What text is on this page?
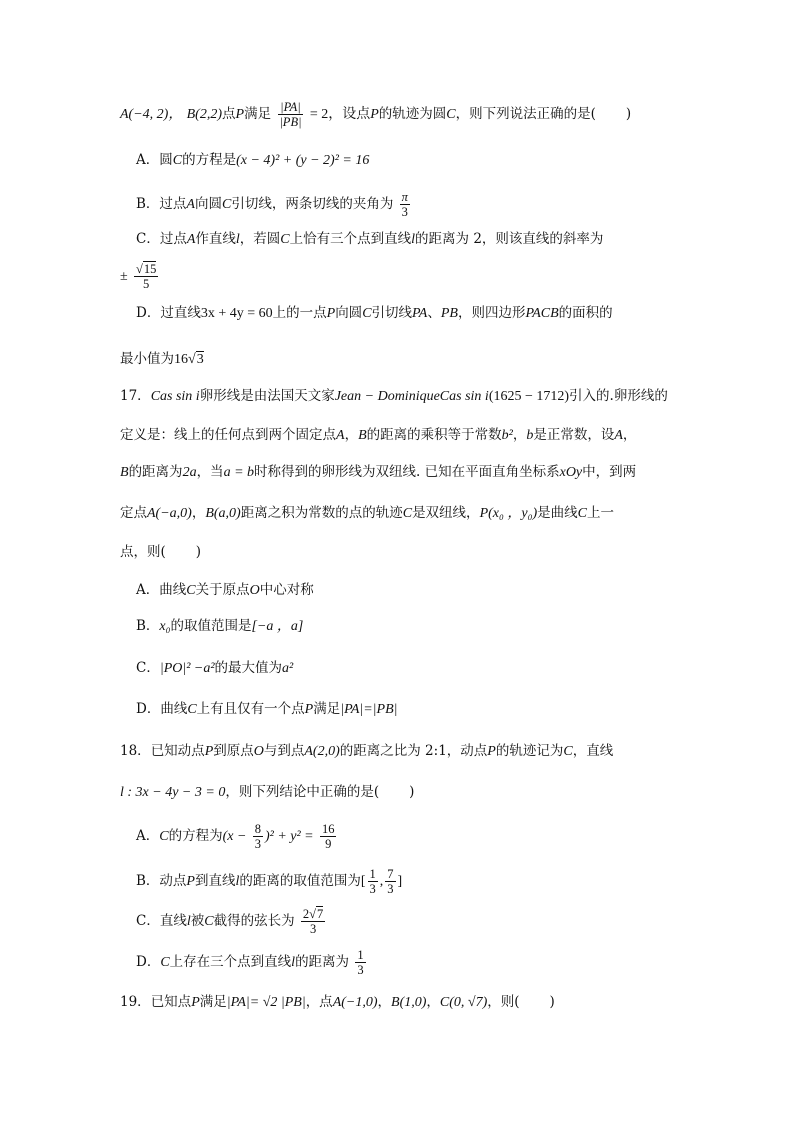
A(−4, 2)， B(2,2)点P满足 $\frac{|PA|}{|PB|} = 2$，设点P的轨迹为圆C，则下列说法正确的是( )
A．圆C的方程是(x − 4)² + (y − 2)² = 16
B．过点A向圆C引切线，两条切线的夹角为 $\frac{\pi}{3}$
C．过点A作直线l，若圆C上恰有三个点到直线l的距离为 2，则该直线的斜率为
± $\frac{√15}{5}$
D．过直线3x + 4y = 60上的一点P向圆C引切线PA、PB，则四边形PACB的面积的
最小值为16√3
17．Cas sin i卵形线是由法国天文家Jean − DominiqueCas sin i(1625 − 1712)引入的.卵形线的
定义是：线上的任何点到两个固定点A，B的距离的乘积等于常数b²，b是正常数，设A，
B的距离为2a，当a = b时称得到的卵形线为双纽线. 已知在平面直角坐标系xOy中，到两
定点A(−a,0)，B(a,0)距离之积为常数的点的轨迹C是双纽线，P(x₀ ，y₀)是曲线C上一
点，则( )
A．曲线C关于原点O中心对称
B．x₀的取值范围是[−a ，a]
C．|PO|² −a²的最大值为a²
D．曲线C上有且仅有一个点P满足|PA|=|PB|
18．已知动点P到原点O与到点A(2,0)的距离之比为 2:1，动点P的轨迹记为C，直线
l : 3x − 4y − 3 = 0，则下列结论中正确的是( )
A．C的方程为$(x - \frac{8}{3} )^2 + y^2 = \frac{16}{9}$
B．动点P到直线l的距离的取值范围为[ $\frac{1}{3}$ , $\frac{7}{3}$ ]
C．直线l被C截得的弦长为 $\frac{2√7}{3}$
D．C上存在三个点到直线l的距离为 $\frac{1}{3}$
19．已知点P满足|PA|= √2 |PB|，点A(−1,0)，B(1,0)，C(0, √7)，则( )
